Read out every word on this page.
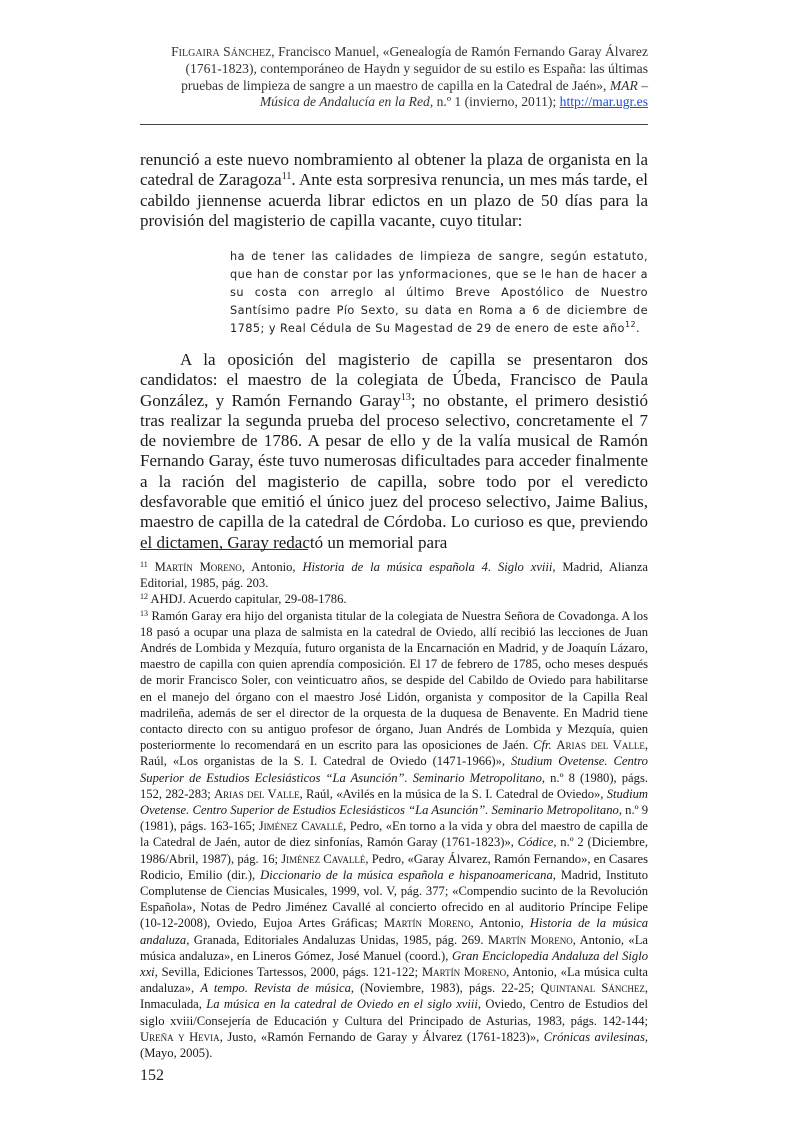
Filgaira Sánchez, Francisco Manuel, «Genealogía de Ramón Fernando Garay Álvarez (1761-1823), contemporáneo de Haydn y seguidor de su estilo es España: las últimas pruebas de limpieza de sangre a un maestro de capilla en la Catedral de Jaén», MAR – Música de Andalucía en la Red, n.º 1 (invierno, 2011); http://mar.ugr.es
renunció a este nuevo nombramiento al obtener la plaza de organista en la catedral de Zaragoza$^{11}$. Ante esta sorpresiva renuncia, un mes más tarde, el cabildo jiennense acuerda librar edictos en un plazo de 50 días para la provisión del magisterio de capilla vacante, cuyo titular:
ha de tener las calidades de limpieza de sangre, según estatuto, que han de constar por las ynformaciones, que se le han de hacer a su costa con arreglo al último Breve Apostólico de Nuestro Santísimo padre Pío Sexto, su data en Roma a 6 de diciembre de 1785; y Real Cédula de Su Magestad de 29 de enero de este año$^{12}$.
A la oposición del magisterio de capilla se presentaron dos candidatos: el maestro de la colegiata de Úbeda, Francisco de Paula González, y Ramón Fernando Garay$^{13}$; no obstante, el primero desistió tras realizar la segunda prueba del proceso selectivo, concretamente el 7 de noviembre de 1786. A pesar de ello y de la valía musical de Ramón Fernando Garay, éste tuvo numerosas dificultades para acceder finalmente a la ración del magisterio de capilla, sobre todo por el veredicto desfavorable que emitió el único juez del proceso selectivo, Jaime Balius, maestro de capilla de la catedral de Córdoba. Lo curioso es que, previendo el dictamen, Garay redactó un memorial para

$^{11}$ Martín Moreno, Antonio, Historia de la música española 4. Siglo xviii, Madrid, Alianza Editorial, 1985, pág. 203.

$^{12}$ AHDJ. Acuerdo capitular, 29-08-1786.

$^{13}$ Ramón Garay era hijo del organista titular de la colegiata de Nuestra Señora de Covadonga. A los 18 pasó a ocupar una plaza de salmista en la catedral de Oviedo, allí recibió las lecciones de Juan Andrés de Lombida y Mezquía, futuro organista de la Encarnación en Madrid, y de Joaquín Lázaro, maestro de capilla con quien aprendía composición. El 17 de febrero de 1785, ocho meses después de morir Francisco Soler, con veinticuatro años, se despide del Cabildo de Oviedo para habilitarse en el manejo del órgano con el maestro José Lidón, organista y compositor de la Capilla Real madrileña, además de ser el director de la orquesta de la duquesa de Benavente. En Madrid tiene contacto directo con su antiguo profesor de órgano, Juan Andrés de Lombida y Mezquía, quien posteriormente lo recomendará en un escrito para las oposiciones de Jaén. Cfr. Arias del Valle, Raúl, «Los organistas de la S. I. Catedral de Oviedo (1471-1966)», Studium Ovetense. Centro Superior de Estudios Eclesiásticos “La Asunción”. Seminario Metropolitano, n.º 8 (1980), págs. 152, 282-283; Arias del Valle, Raúl, «Avilés en la música de la S. I. Catedral de Oviedo», Studium Ovetense. Centro Superior de Estudios Eclesiásticos “La Asunción”. Seminario Metropolitano, n.º 9 (1981), págs. 163-165; Jiménez Cavallé, Pedro, «En torno a la vida y obra del maestro de capilla de la Catedral de Jaén, autor de diez sinfonías, Ramón Garay (1761-1823)», Códice, n.º 2 (Diciembre, 1986/Abril, 1987), pág. 16; Jiménez Cavallé, Pedro, «Garay Álvarez, Ramón Fernando», en Casares Rodicio, Emilio (dir.), Diccionario de la música española e hispanoamericana, Madrid, Instituto Complutense de Ciencias Musicales, 1999, vol. V, pág. 377; «Compendio sucinto de la Revolución Española», Notas de Pedro Jiménez Cavallé al concierto ofrecido en al auditorio Príncipe Felipe (10-12-2008), Oviedo, Eujoa Artes Gráficas; Martín Moreno, Antonio, Historia de la música andaluza, Granada, Editoriales Andaluzas Unidas, 1985, pág. 269. Martín Moreno, Antonio, «La música andaluza», en Lineros Gómez, José Manuel (coord.), Gran Enciclopedia Andaluza del Siglo xxi, Sevilla, Ediciones Tartessos, 2000, págs. 121-122; Martín Moreno, Antonio, «La música culta andaluza», A tempo. Revista de música, (Noviembre, 1983), págs. 22-25; Quintanal Sánchez, Inmaculada, La música en la catedral de Oviedo en el siglo xviii, Oviedo, Centro de Estudios del siglo xviii/Consejería de Educación y Cultura del Principado de Asturias, 1983, págs. 142-144; Ureña y Hevia, Justo, «Ramón Fernando de Garay y Álvarez (1761-1823)», Crónicas avilesinas, (Mayo, 2005).

152
